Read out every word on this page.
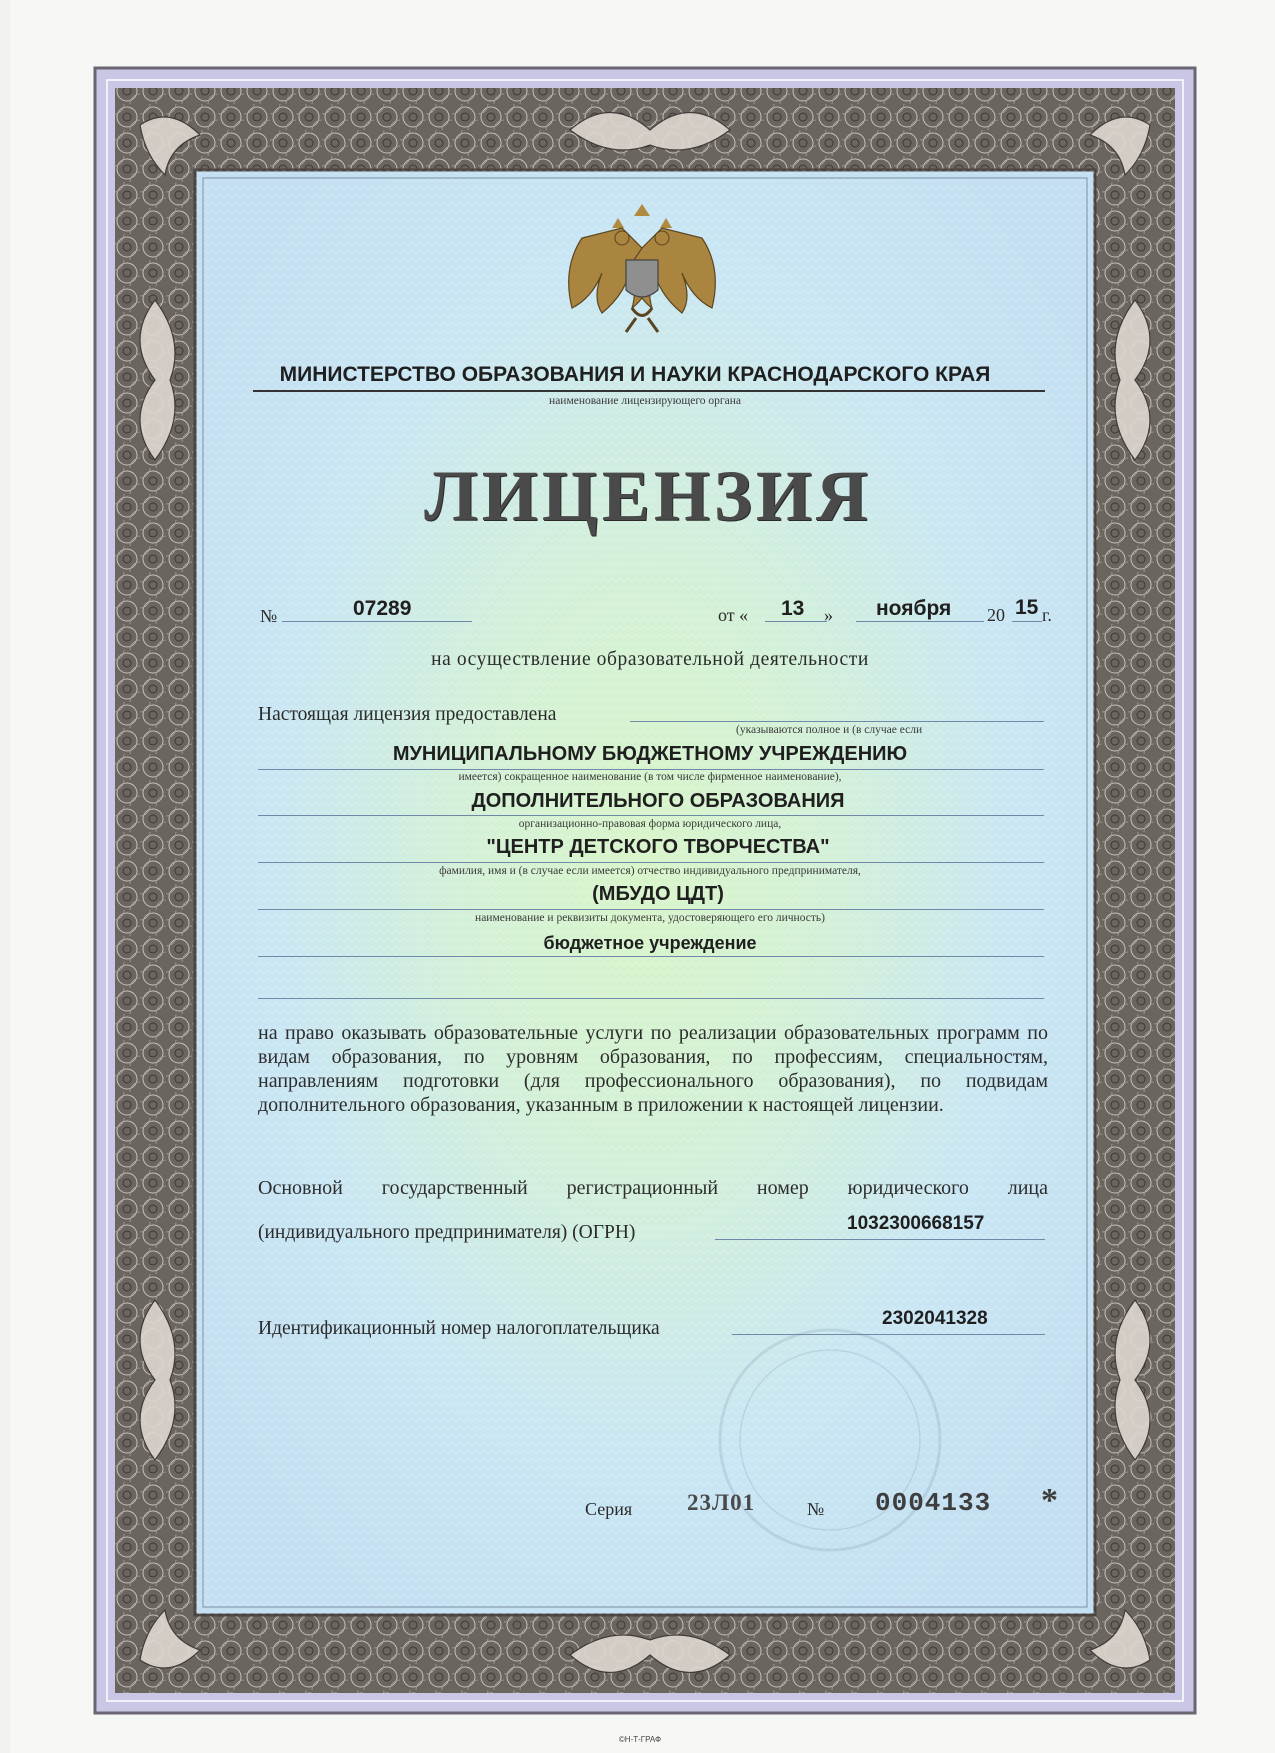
МИНИСТЕРСТВО ОБРАЗОВАНИЯ И НАУКИ КРАСНОДАРСКОГО КРАЯ
наименование лицензирующего органа
ЛИЦЕНЗИЯ
№	07289	от « 13 » ноября 20 15 г.
на осуществление образовательной деятельности
Настоящая лицензия предоставлена
(указываются полное и (в случае если
МУНИЦИПАЛЬНОМУ БЮДЖЕТНОМУ УЧРЕЖДЕНИЮ
имеется) сокращенное наименование (в том числе фирменное наименование),
ДОПОЛНИТЕЛЬНОГО ОБРАЗОВАНИЯ
организационно-правовая форма юридического лица,
"ЦЕНТР ДЕТСКОГО ТВОРЧЕСТВА"
фамилия, имя и (в случае если имеется) отчество индивидуального предпринимателя,
(МБУДО ЦДТ)
наименование и реквизиты документа, удостоверяющего его личность)
бюджетное учреждение
на право оказывать образовательные услуги по реализации образовательных программ по видам образования, по уровням образования, по профессиям, специальностям, направлениям подготовки (для профессионального образования), по подвидам дополнительного образования, указанным в приложении к настоящей лицензии.
Основной государственный регистрационный номер юридического лица
(индивидуального предпринимателя) (ОГРН)	1032300668157
Идентификационный номер налогоплательщика	2302041328
Серия 23Л01	№ 0004133 *
©Н-Т-ГРАФ
